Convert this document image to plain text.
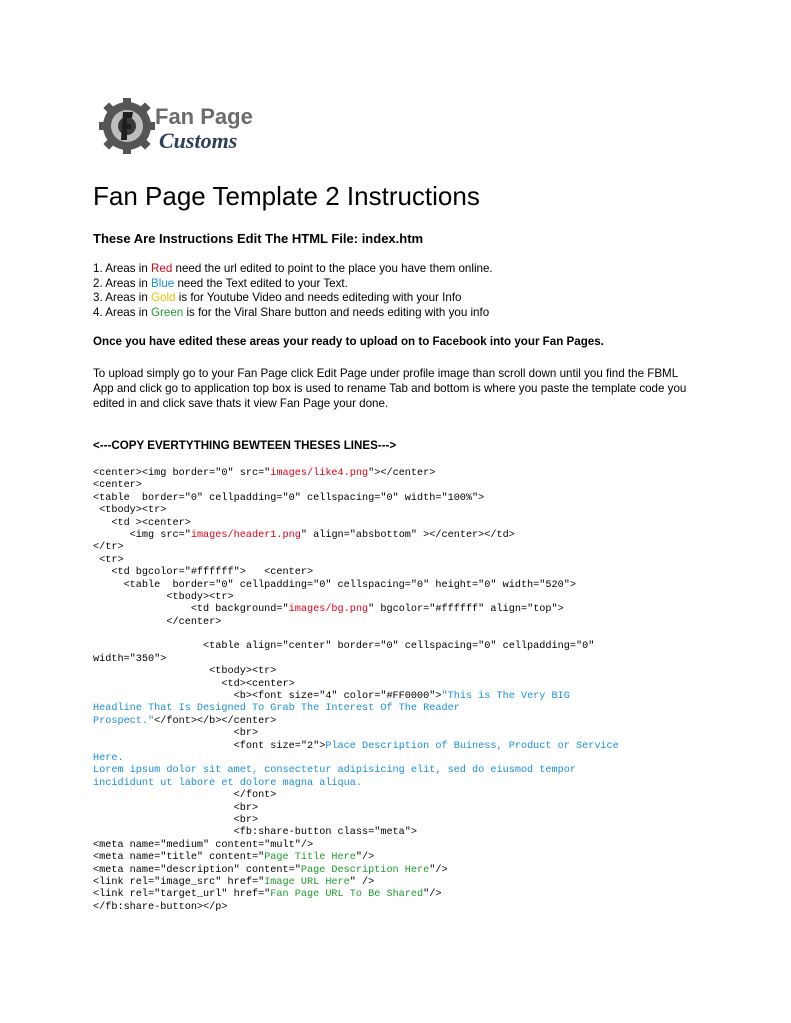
Fan Page
Customs
Fan Page Template 2 Instructions
These Are Instructions Edit The HTML File: index.htm
1. Areas in Red need the url edited to point to the place you have them online.
2. Areas in Blue need the Text edited to your Text.
3. Areas in Gold is for Youtube Video and needs editeding with your Info
4. Areas in Green is for the Viral Share button and needs editing with you info

Once you have edited these areas your ready to upload on to Facebook into your Fan Pages.

To upload simply go to your Fan Page click Edit Page under profile image than scroll down until you find the FBML App and click go to application top box is used to rename Tab and bottom is where you paste the template code you edited in and click save thats it view Fan Page your done.

<---COPY EVERTYTHING BEWTEEN THESES LINES--->

<center><img border="0" src="images/like4.png"></center>
<center>
<table  border="0" cellpadding="0" cellspacing="0" width="100%">
<tbody><tr>
<td ><center>
<img src="images/header1.png" align="absbottom" ></center></td>
</tr>
<tr>
<td bgcolor="#ffffff">   <center>
<table  border="0" cellpadding="0" cellspacing="0" height="0" width="520">
<tbody><tr>
<td background="images/bg.png" bgcolor="#ffffff" align="top">
</center>
<table align="center" border="0" cellspacing="0" cellpadding="0"
width="350">
<tbody><tr>
<td><center>
<b><font size="4" color="#FF0000">"This is The Very BIG
Headline That Is Designed To Grab The Interest Of The Reader
Prospect."</font></b></center>
<br>
<font size="2">Place Description of Buiness, Product or Service
Here.
Lorem ipsum dolor sit amet, consectetur adipisicing elit, sed do eiusmod tempor
incididunt ut labore et dolore magna aliqua.
</font>
<br>
<br>
<fb:share-button class="meta">
<meta name="medium" content="mult"/>
<meta name="title" content="Page Title Here"/>
<meta name="description" content="Page Description Here"/>
<link rel="image_src" href="Image URL Here" />
<link rel="target_url" href="Fan Page URL To Be Shared"/>
</fb:share-button></p>
